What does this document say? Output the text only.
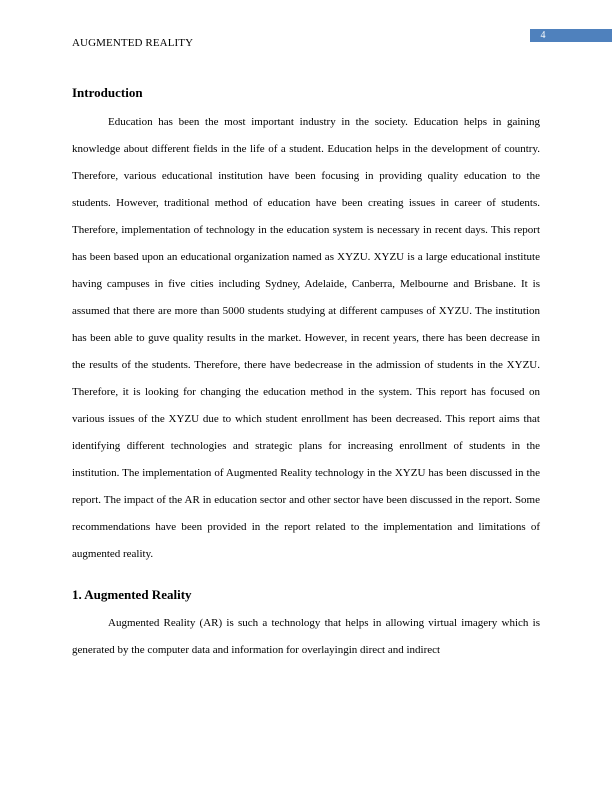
AUGMENTED REALITY
4
Introduction

Education has been the most important industry in the society. Education helps in gaining knowledge about different fields in the life of a student. Education helps in the development of country. Therefore, various educational institution have been focusing in providing quality education to the students. However, traditional method of education have been creating issues in career of students. Therefore, implementation of technology in the education system is necessary in recent days. This report has been based upon an educational organization named as XYZU. XYZU is a large educational institute having campuses in five cities including Sydney, Adelaide, Canberra, Melbourne and Brisbane. It is assumed that there are more than 5000 students studying at different campuses of XYZU. The institution has been able to guve quality results in the market. However, in recent years, there has been decrease in the results of the students. Therefore, there have bedecrease in the admission of students in the XYZU. Therefore, it is looking for changing the education method in the system. This report has focused on various issues of the XYZU due to which student enrollment has been decreased. This report aims that identifying different technologies and strategic plans for increasing enrollment of students in the institution. The implementation of Augmented Reality technology in the XYZU has been discussed in the report. The impact of the AR in education sector and other sector have been discussed in the report. Some recommendations have been provided in the report related to the implementation and limitations of augmented reality.

1. Augmented Reality

Augmented Reality (AR) is such a technology that helps in allowing virtual imagery which is generated by the computer data and information for overlayingin direct and indirect
